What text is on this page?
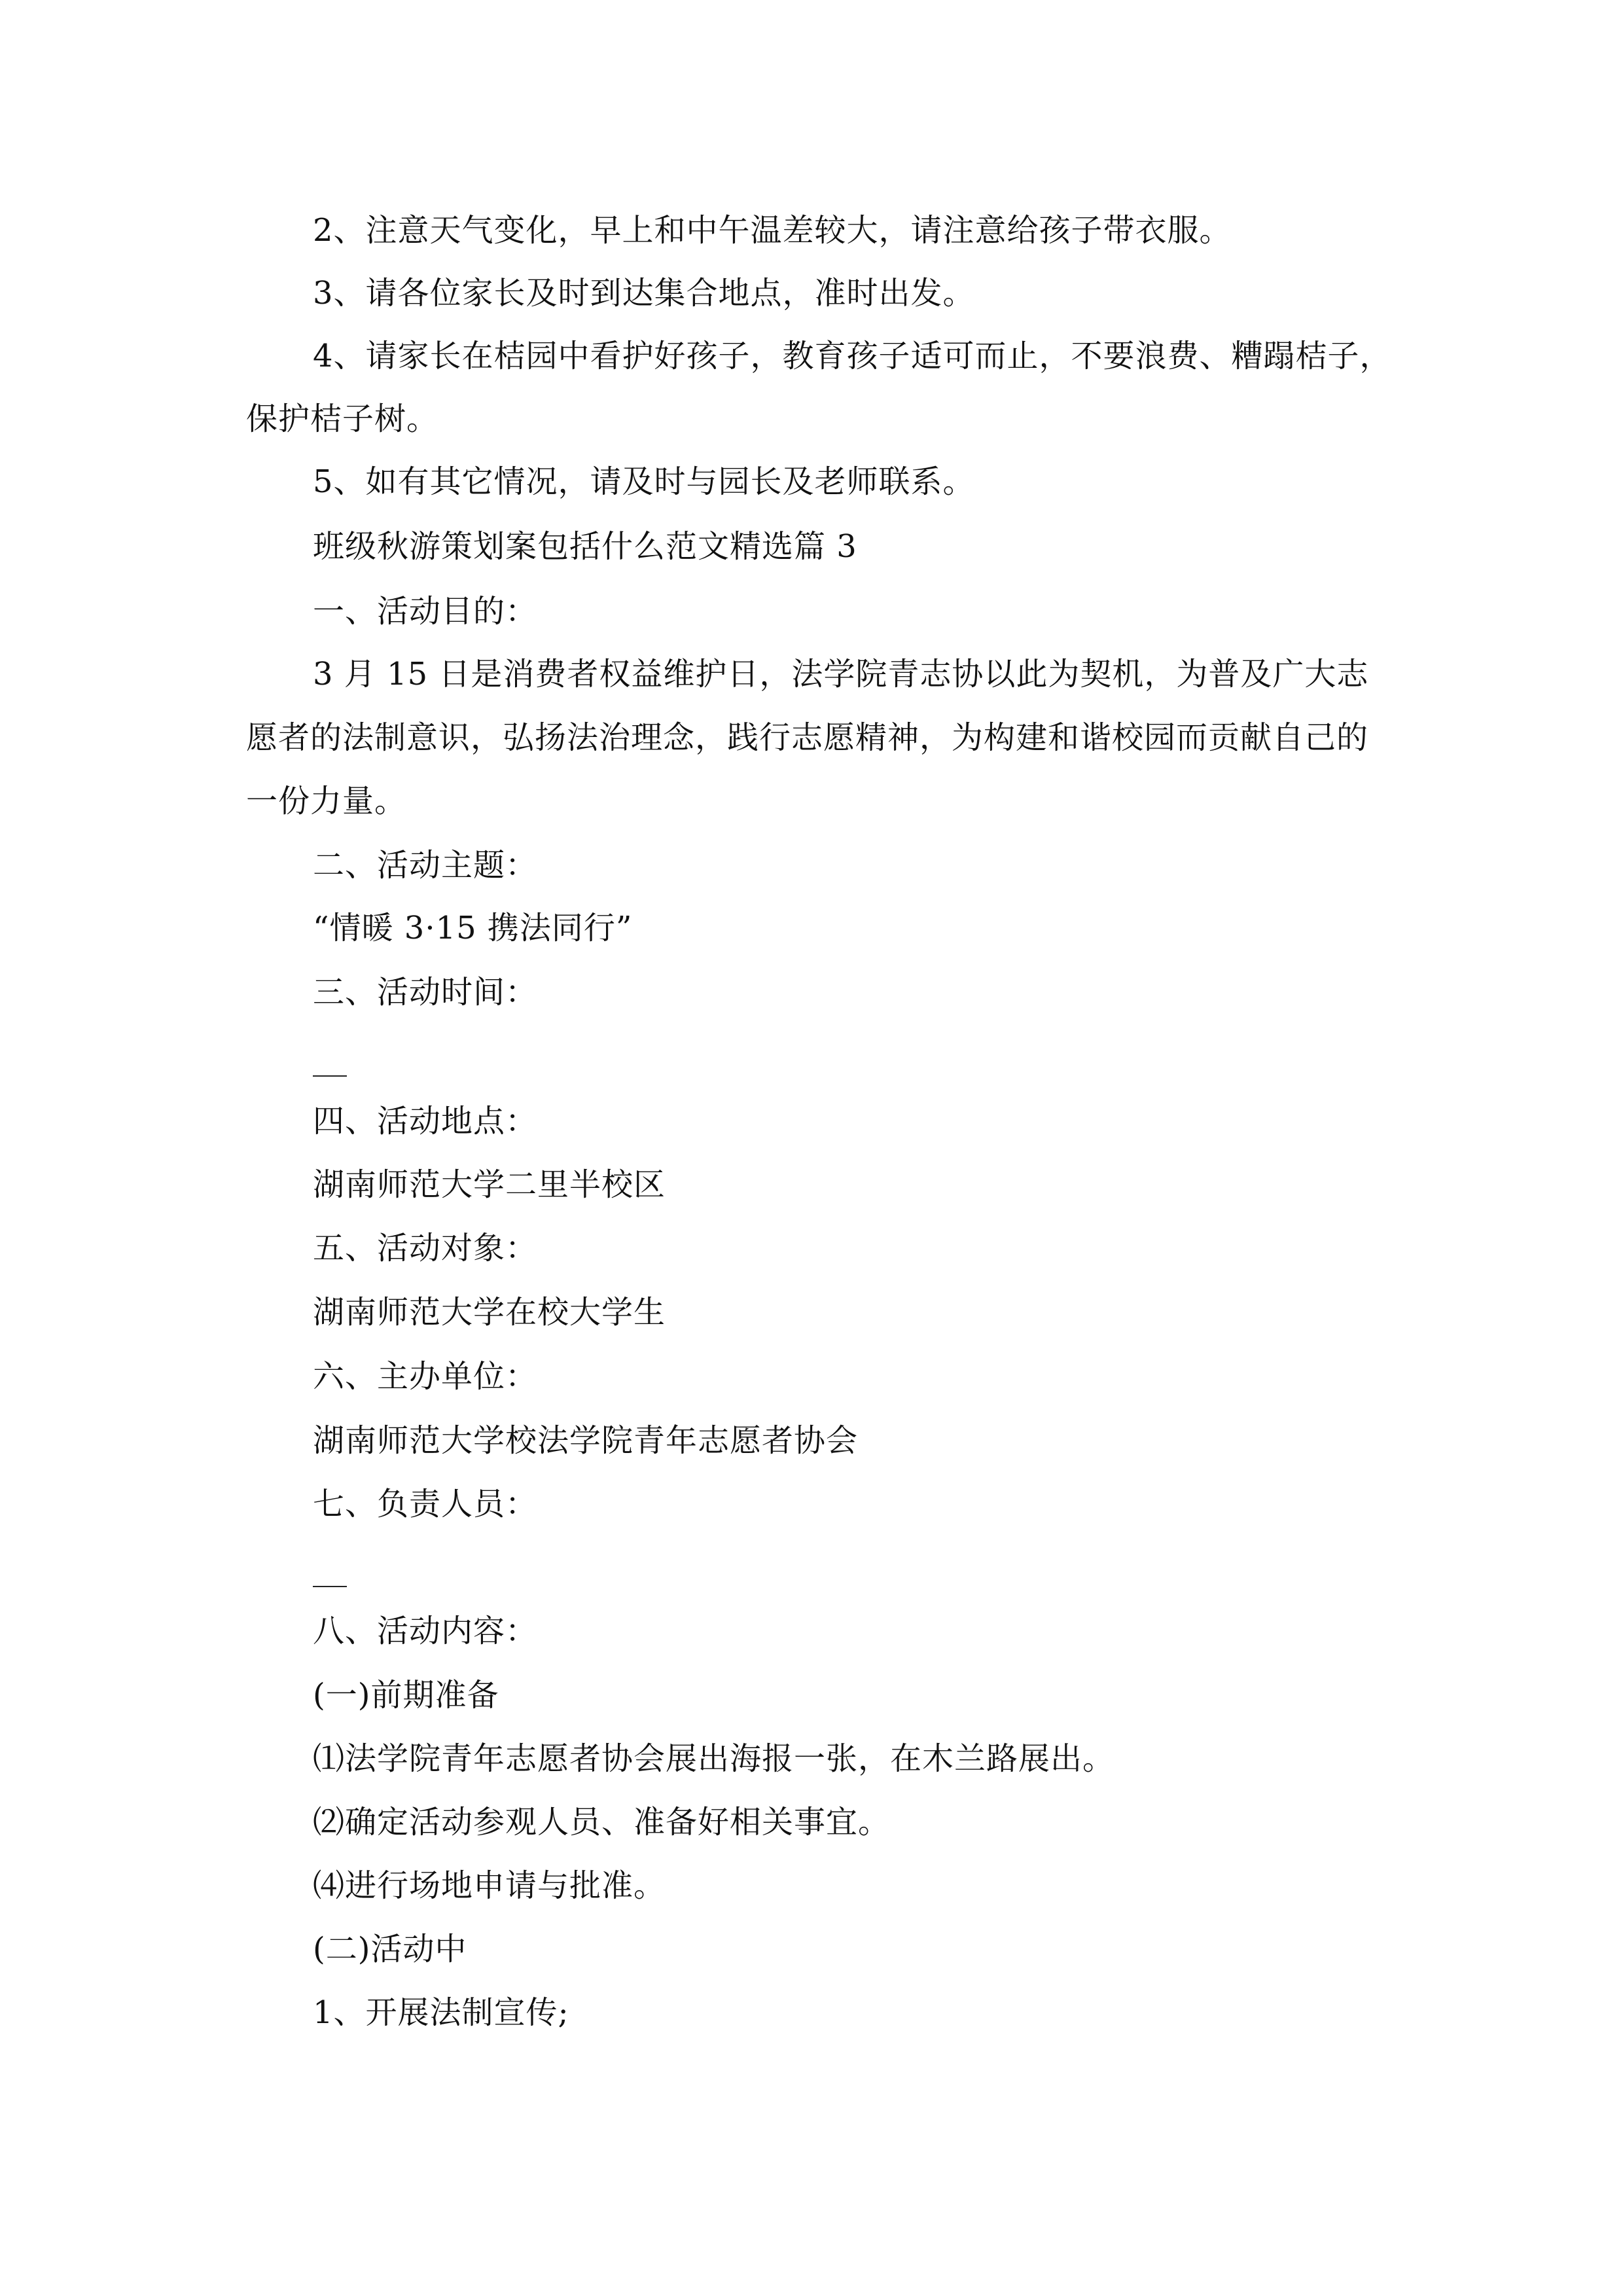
2、注意天气变化，早上和中午温差较大，请注意给孩子带衣服。
3、请各位家长及时到达集合地点，准时出发。
4、请家长在桔园中看护好孩子，教育孩子适可而止，不要浪费、糟蹋桔子，
保护桔子树。
5、如有其它情况，请及时与园长及老师联系。
班级秋游策划案包括什么范文精选篇 3
一、活动目的：
3 月 15 日是消费者权益维护日，法学院青志协以此为契机，为普及广大志
愿者的法制意识，弘扬法治理念，践行志愿精神，为构建和谐校园而贡献自己的
一份力量。
二、活动主题：
“情暖 3·15 携法同行”
三、活动时间：
四、活动地点：
湖南师范大学二里半校区
五、活动对象：
湖南师范大学在校大学生
六、主办单位：
湖南师范大学校法学院青年志愿者协会
七、负责人员：
八、活动内容：
(一)前期准备
⑴法学院青年志愿者协会展出海报一张，在木兰路展出。
⑵确定活动参观人员、准备好相关事宜。
⑷进行场地申请与批准。
(二)活动中
1、开展法制宣传;
